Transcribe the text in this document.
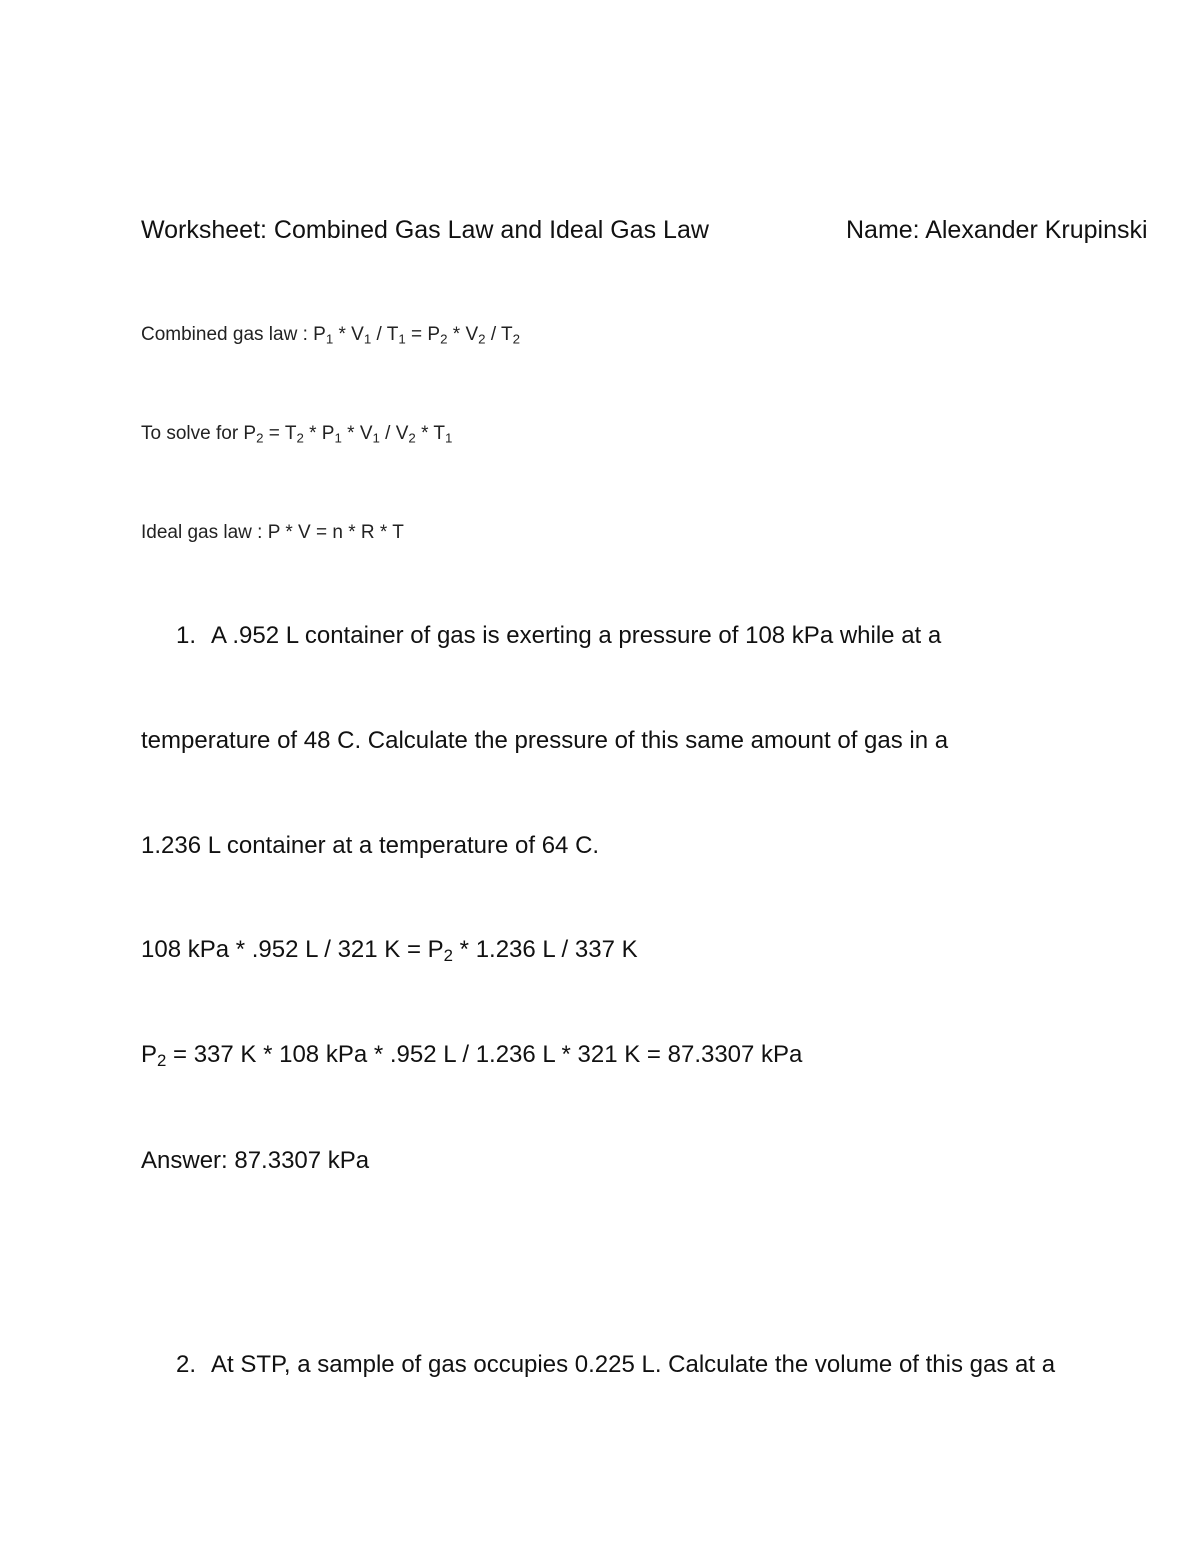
Worksheet: Combined Gas Law and Ideal Gas Law	Name: Alexander Krupinski
Combined gas law : $P_1 * V_1 / T_1 = P_2 * V_2 / T_2$
To solve for $P_2 = T_2 * P_1 * V_1 / V_2 * T_1$
Ideal gas law : P * V = n * R * T
1. A .952 L container of gas is exerting a pressure of 108 kPa while at a
temperature of 48 C. Calculate the pressure of this same amount of gas in a
1.236 L container at a temperature of 64 C.
108 kPa * .952 L / 321 $K = P_2 * 1.236$ L / 337 K
$P_2 = 337$ K * 108 kPa * .952 L / 1.236 L * 321 K = 87.3307 kPa
Answer: 87.3307 kPa
2. At STP, a sample of gas occupies 0.225 L. Calculate the volume of this gas at a
